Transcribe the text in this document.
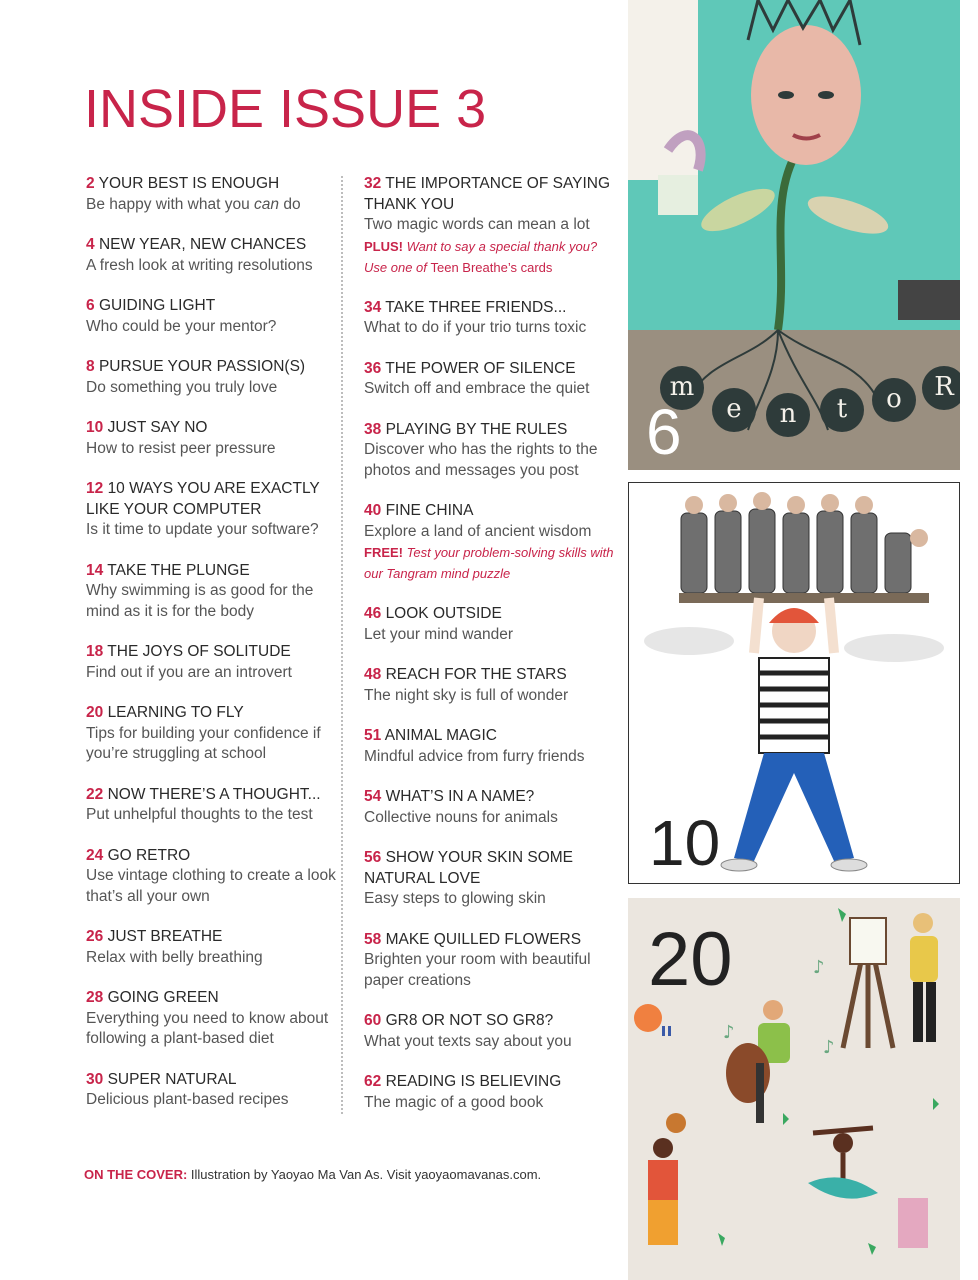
INSIDE ISSUE 3
2 YOUR BEST IS ENOUGH
Be happy with what you can do
4 NEW YEAR, NEW CHANCES
A fresh look at writing resolutions
6 GUIDING LIGHT
Who could be your mentor?
8 PURSUE YOUR PASSION(S)
Do something you truly love
10 JUST SAY NO
How to resist peer pressure
12 10 WAYS YOU ARE EXACTLY LIKE YOUR COMPUTER
Is it time to update your software?
14 TAKE THE PLUNGE
Why swimming is as good for the mind as it is for the body
18 THE JOYS OF SOLITUDE
Find out if you are an introvert
20 LEARNING TO FLY
Tips for building your confidence if you’re struggling at school
22 NOW THERE’S A THOUGHT...
Put unhelpful thoughts to the test
24 GO RETRO
Use vintage clothing to create a look that’s all your own
26 JUST BREATHE
Relax with belly breathing
28 GOING GREEN
Everything you need to know about following a plant-based diet
30 SUPER NATURAL
Delicious plant-based recipes
32 THE IMPORTANCE OF SAYING THANK YOU
Two magic words can mean a lot
PLUS! Want to say a special thank you? Use one of Teen Breathe’s cards
34 TAKE THREE FRIENDS...
What to do if your trio turns toxic
36 THE POWER OF SILENCE
Switch off and embrace the quiet
38 PLAYING BY THE RULES
Discover who has the rights to the photos and messages you post
40 FINE CHINA
Explore a land of ancient wisdom
FREE! Test your problem-solving skills with our Tangram mind puzzle
46 LOOK OUTSIDE
Let your mind wander
48 REACH FOR THE STARS
The night sky is full of wonder
51 ANIMAL MAGIC
Mindful advice from furry friends
54 WHAT’S IN A NAME?
Collective nouns for animals
56 SHOW YOUR SKIN SOME NATURAL LOVE
Easy steps to glowing skin
58 MAKE QUILLED FLOWERS
Brighten your room with beautiful paper creations
60 GR8 OR NOT SO GR8?
What yout texts say about you
62 READING IS BELIEVING
The magic of a good book
ON THE COVER: Illustration by Yaoyao Ma Van As. Visit yaoyaomavanas.com.
m
e	n	t	o	R
6
10
♪
♪
♪
20
